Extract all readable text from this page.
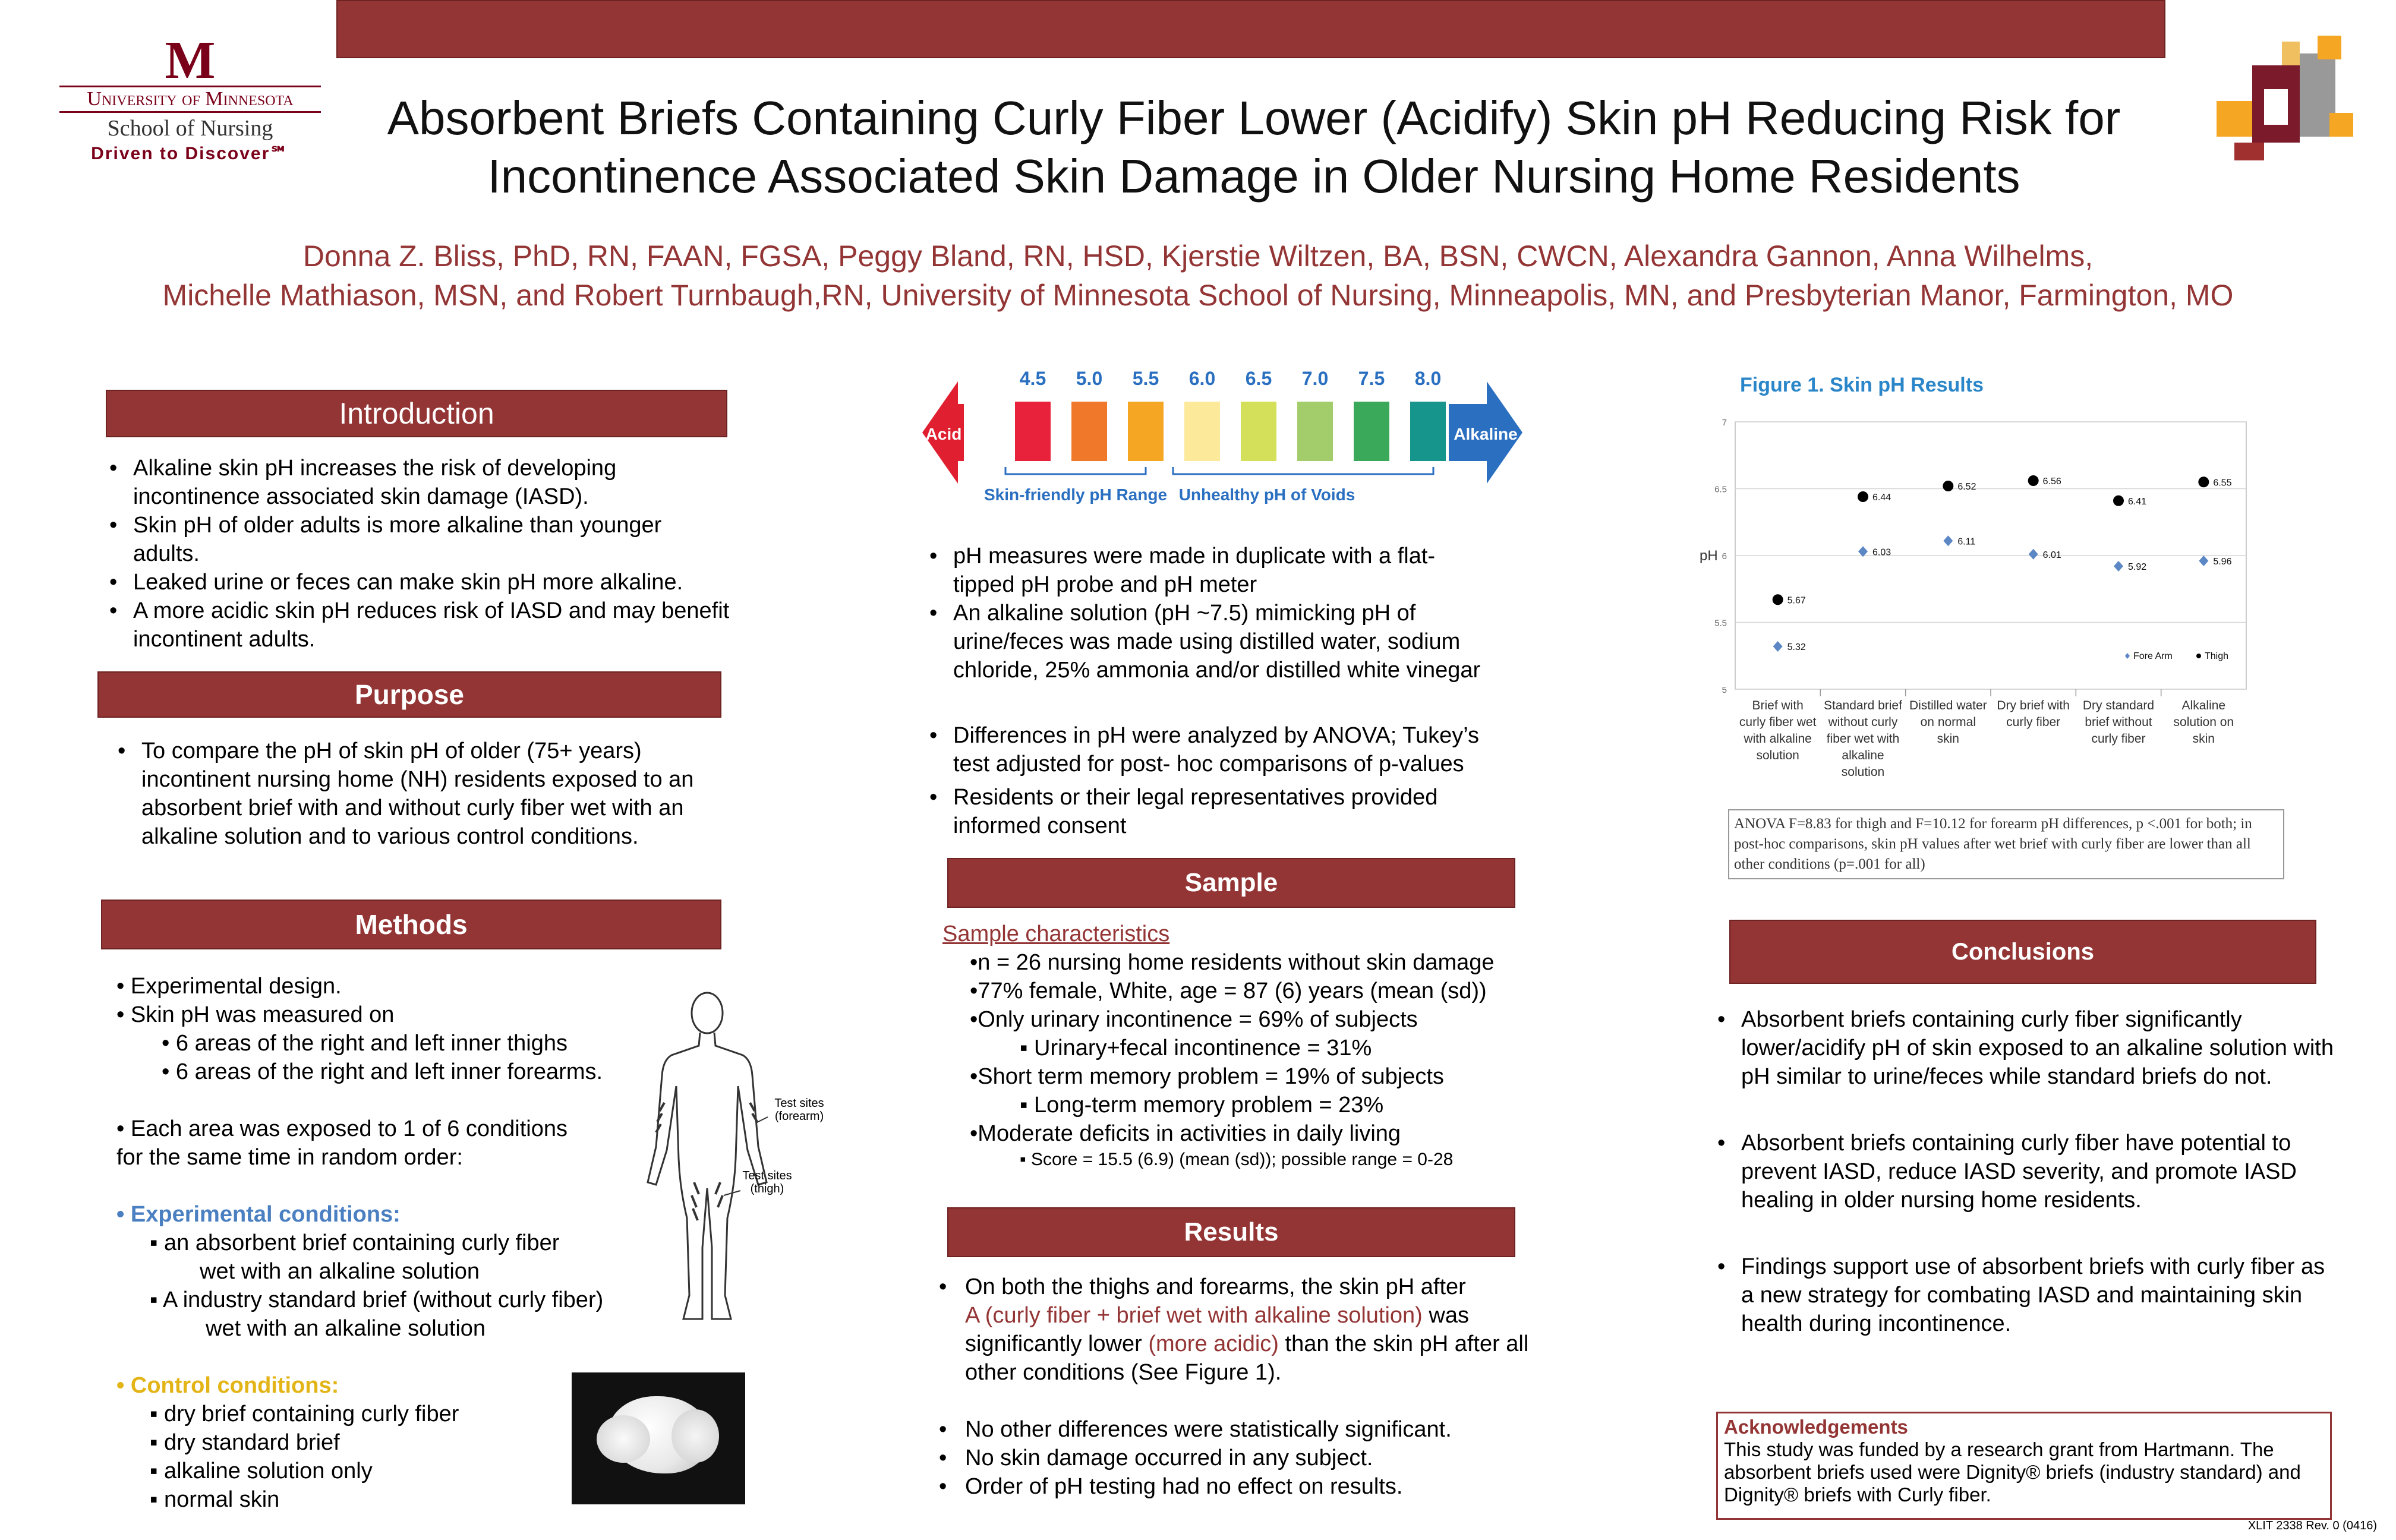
M
University of Minnesota
School of Nursing
Driven to Discover℠
Absorbent Briefs Containing Curly Fiber Lower (Acidify) Skin pH Reducing Risk for
Incontinence Associated Skin Damage in Older Nursing Home Residents
Donna Z. Bliss, PhD, RN, FAAN, FGSA, Peggy Bland, RN, HSD, Kjerstie Wiltzen, BA, BSN, CWCN, Alexandra Gannon, Anna Wilhelms,
Michelle Mathiason, MSN, and Robert Turnbaugh,RN, University of Minnesota School of Nursing, Minneapolis, MN, and Presbyterian Manor, Farmington, MO
Introduction
• Alkaline skin pH increases the risk of developing incontinence associated skin damage (IASD).
• Skin pH of older adults is more alkaline than younger adults.
• Leaked urine or feces can make skin pH more alkaline.
• A more acidic skin pH reduces risk of IASD and may benefit incontinent adults.
Purpose
• To compare the pH of skin pH of older (75+ years) incontinent nursing home (NH) residents exposed to an absorbent brief with and without curly fiber wet with an alkaline solution and to various control conditions.
Methods
• Experimental design.
• Skin pH was measured on
• 6 areas of the right and left inner thighs
• 6 areas of the right and left inner forearms.
• Each area was exposed to 1 of 6 conditions
for the same time in random order:
• Experimental conditions:
▪ an absorbent brief containing curly fiber
wet with an alkaline solution
▪ A industry standard brief (without curly fiber)
wet with an alkaline solution
• Control conditions:
▪ dry brief containing curly fiber
▪ dry standard brief
▪ alkaline solution only
▪ normal skin
Test sites (forearm)
Test sites (thigh)
Acid	Alkaline
4.5 5.0 5.5 6.0 6.5 7.0 7.5 8.0
Skin-friendly pH Range Unhealthy pH of Voids
• pH measures were made in duplicate with a flat-tipped pH probe and pH meter
• An alkaline solution (pH ~7.5) mimicking pH of urine/feces was made using distilled water, sodium chloride, 25% ammonia and/or distilled white vinegar
• Differences in pH were analyzed by ANOVA; Tukey’s test adjusted for post- hoc comparisons of p-values
• Residents or their legal representatives provided informed consent
Sample
Sample characteristics
•n = 26 nursing home residents without skin damage
•77% female, White, age = 87 (6) years (mean (sd))
•Only urinary incontinence = 69% of subjects
▪ Urinary+fecal incontinence = 31%
•Short term memory problem = 19% of subjects
▪ Long-term memory problem = 23%
•Moderate deficits in activities in daily living
▪ Score = 15.5 (6.9) (mean (sd)); possible range = 0-28
Results
• On both the thighs and forearms, the skin pH after
A (curly fiber + brief wet with alkaline solution) was
significantly lower (more acidic) than the skin pH after all other conditions (See Figure 1).
• No other differences were statistically significant.
• No skin damage occurred in any subject.
• Order of pH testing had no effect on results.
Figure 1. Skin pH Results
5
5.5
6
6.5
7
pH
Brief with curly fiber wet with alkaline solution
Standard brief without curly fiber wet with alkaline solution
Distilled water on normal skin
Dry brief with curly fiber
Dry standard brief without curly fiber
Alkaline solution on skin
5.32
6.03
6.11
6.01
5.92
5.96
5.67
6.44
6.52
6.56
6.41
6.55
Fore Arm	Thigh
ANOVA F=8.83 for thigh and F=10.12 for forearm pH differences, p <.001 for both; in post-hoc comparisons, skin pH values after wet brief with curly fiber are lower than all other conditions (p=.001 for all)
Conclusions
• Absorbent briefs containing curly fiber significantly lower/acidify pH of skin exposed to an alkaline solution with pH similar to urine/feces while standard briefs do not.
• Absorbent briefs containing curly fiber have potential to prevent IASD, reduce IASD severity, and promote IASD healing in older nursing home residents.
• Findings support use of absorbent briefs with curly fiber as a new strategy for combating IASD and maintaining skin health during incontinence.
Acknowledgements
This study was funded by a research grant from Hartmann. The absorbent briefs used were Dignity® briefs (industry standard) and Dignity® briefs with Curly fiber.
XLIT 2338 Rev. 0 (0416)
